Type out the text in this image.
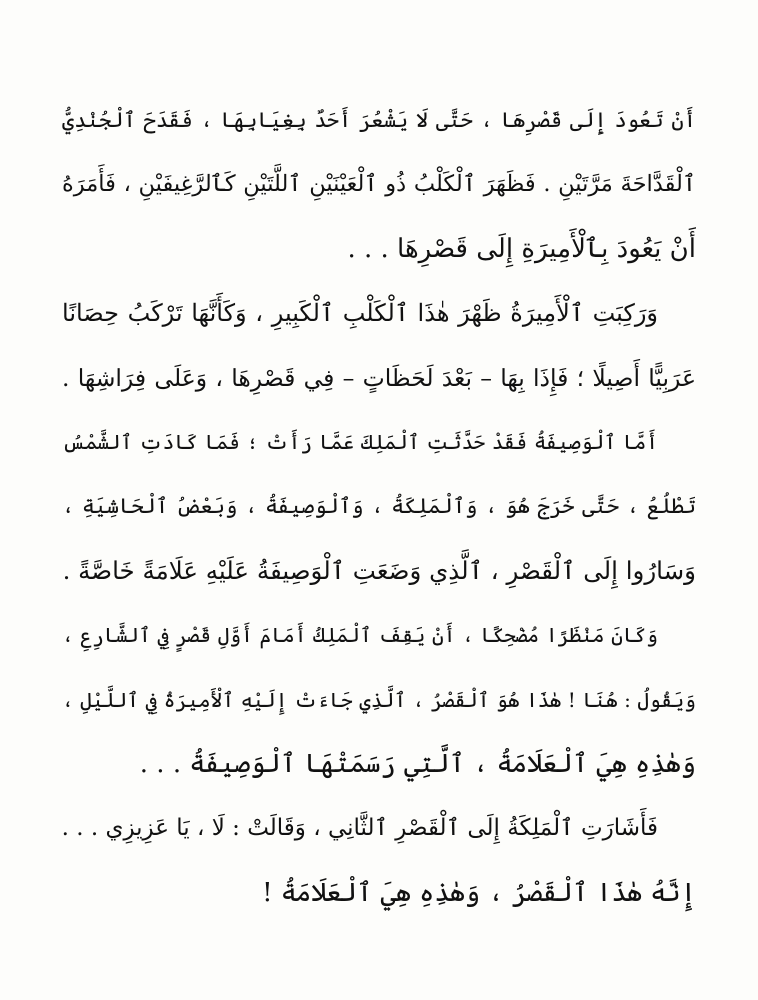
أَنْ تَعُودَ إِلَى قَصْرِهَا ، حَتَّى لَا يَشْعُرَ أَحَدٌ بِغِيَابِهَا ، فَقَدَحَ ٱلْجُنْدِيُّ
ٱلْقَدَّاحَةَ مَرَّتَيْنِ . فَظَهَرَ ٱلْكَلْبُ ذُو ٱلْعَيْنَيْنِ ٱللَّتَيْنِ كَٱلرَّغِيفَيْنِ ، فَأَمَرَهُ
أَنْ يَعُودَ بِٱلْأَمِيرَةِ إِلَى قَصْرِهَا . . .
وَرَكِبَتِ ٱلْأَمِيرَةُ ظَهْرَ هٰذَا ٱلْكَلْبِ ٱلْكَبِيرِ ، وَكَأَنَّهَا تَرْكَبُ حِصَانًا
عَرَبِيًّا أَصِيلًا ؛ فَإِذَا بِهَا – بَعْدَ لَحَظَاتٍ – فِي قَصْرِهَا ، وَعَلَى فِرَاشِهَا .
أَمَّا ٱلْوَصِيفَةُ فَقَدْ حَدَّثَتِ ٱلْمَلِكَ عَمَّا رَأَتْ ؛ فَمَا كَادَتِ ٱلشَّمْسُ
تَطْلُعُ ، حَتَّى خَرَجَ هُوَ ، وَٱلْمَلِكَةُ ، وَٱلْوَصِيفَةُ ، وَبَعْضُ ٱلْحَاشِيَةِ ،
وَسَارُوا إِلَى ٱلْقَصْرِ ، ٱلَّذِي وَضَعَتِ ٱلْوَصِيفَةُ عَلَيْهِ عَلَامَةً خَاصَّةً .
وَكَانَ مَنْظَرًا مُضْحِكًا ، أَنْ يَقِفَ ٱلْمَلِكُ أَمَامَ أَوَّلِ قَصْرٍ فِي ٱلشَّارِعِ ،
وَيَقُولُ : هُنَا ! هٰذَا هُوَ ٱلْقَصْرُ ، ٱلَّذِي جَاءَتْ إِلَيْهِ ٱلْأَمِيرَةُ فِي ٱللَّيْلِ ،
وَهٰذِهِ هِيَ ٱلْعَلَامَةُ ، ٱلَّتِي رَسَمَتْهَا ٱلْوَصِيفَةُ . . .
فَأَشَارَتِ ٱلْمَلِكَةُ إِلَى ٱلْقَصْرِ ٱلثَّانِي ، وَقَالَتْ : لَا ، يَا عَزِيزِي . . .
إِنَّهُ هٰذَا ٱلْقَصْرُ ، وَهٰذِهِ هِيَ ٱلْعَلَامَةُ !
